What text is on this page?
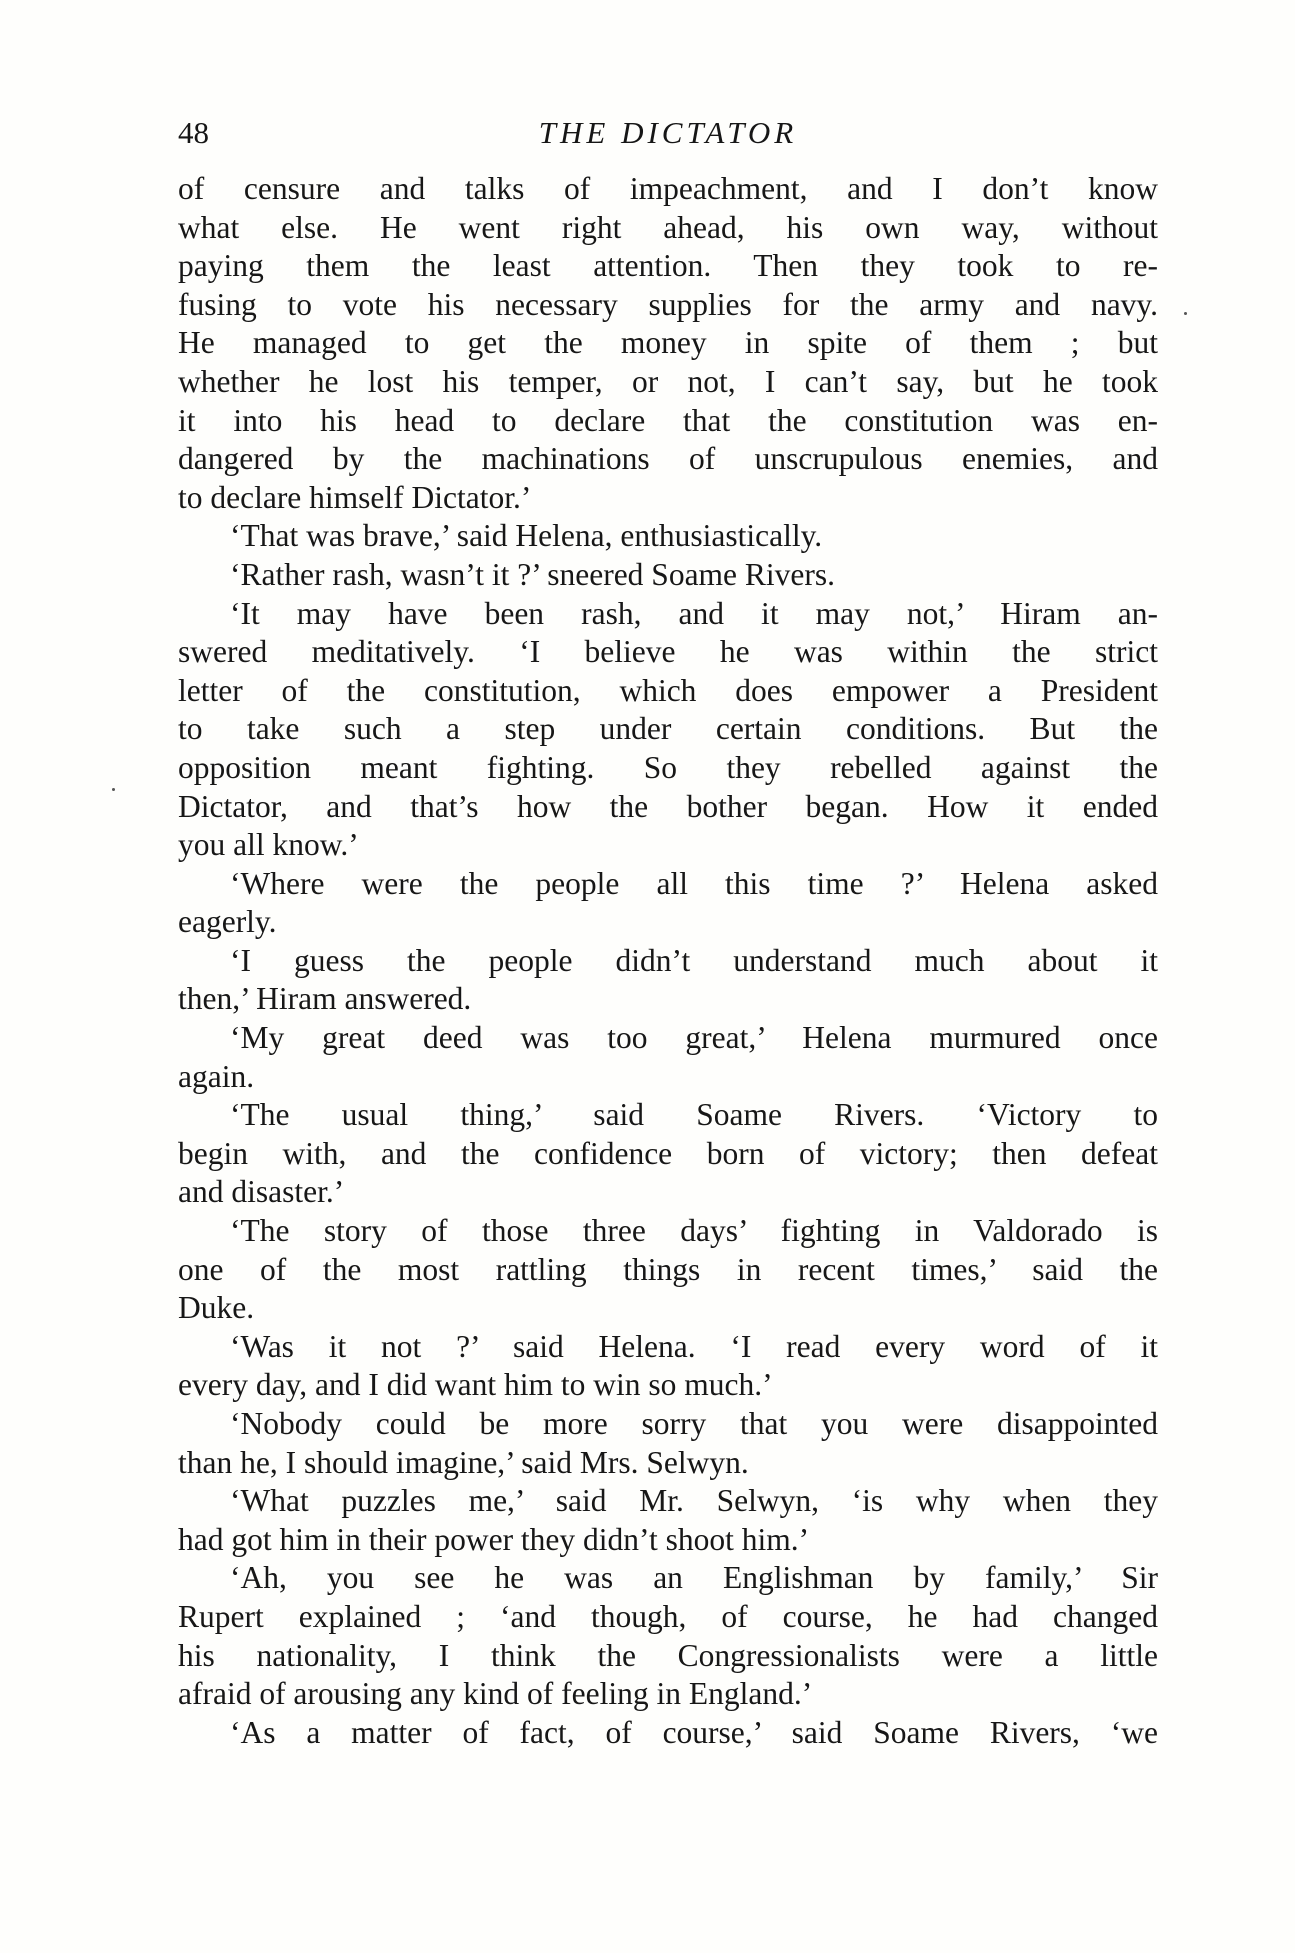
48	THE DICTATOR
of censure and talks of impeachment, and I don’t know
what else. He went right ahead, his own way, without
paying them the least attention. Then they took to re-
fusing to vote his necessary supplies for the army and navy.
He managed to get the money in spite of them ; but
whether he lost his temper, or not, I can’t say, but he took
it into his head to declare that the constitution was en-
dangered by the machinations of unscrupulous enemies, and
to declare himself Dictator.’
‘That was brave,’ said Helena, enthusiastically.
‘Rather rash, wasn’t it ?’ sneered Soame Rivers.
‘It may have been rash, and it may not,’ Hiram an-
swered meditatively. ‘I believe he was within the strict
letter of the constitution, which does empower a President
to take such a step under certain conditions. But the
opposition meant fighting. So they rebelled against the
Dictator, and that’s how the bother began. How it ended
you all know.’
‘Where were the people all this time ?’ Helena asked
eagerly.
‘I guess the people didn’t understand much about it
then,’ Hiram answered.
‘My great deed was too great,’ Helena murmured once
again.
‘The usual thing,’ said Soame Rivers. ‘Victory to
begin with, and the confidence born of victory; then defeat
and disaster.’
‘The story of those three days’ fighting in Valdorado is
one of the most rattling things in recent times,’ said the
Duke.
‘Was it not ?’ said Helena. ‘I read every word of it
every day, and I did want him to win so much.’
‘Nobody could be more sorry that you were disappointed
than he, I should imagine,’ said Mrs. Selwyn.
‘What puzzles me,’ said Mr. Selwyn, ‘is why when they
had got him in their power they didn’t shoot him.’
‘Ah, you see he was an Englishman by family,’ Sir
Rupert explained ; ‘and though, of course, he had changed
his nationality, I think the Congressionalists were a little
afraid of arousing any kind of feeling in England.’
‘As a matter of fact, of course,’ said Soame Rivers, ‘we
